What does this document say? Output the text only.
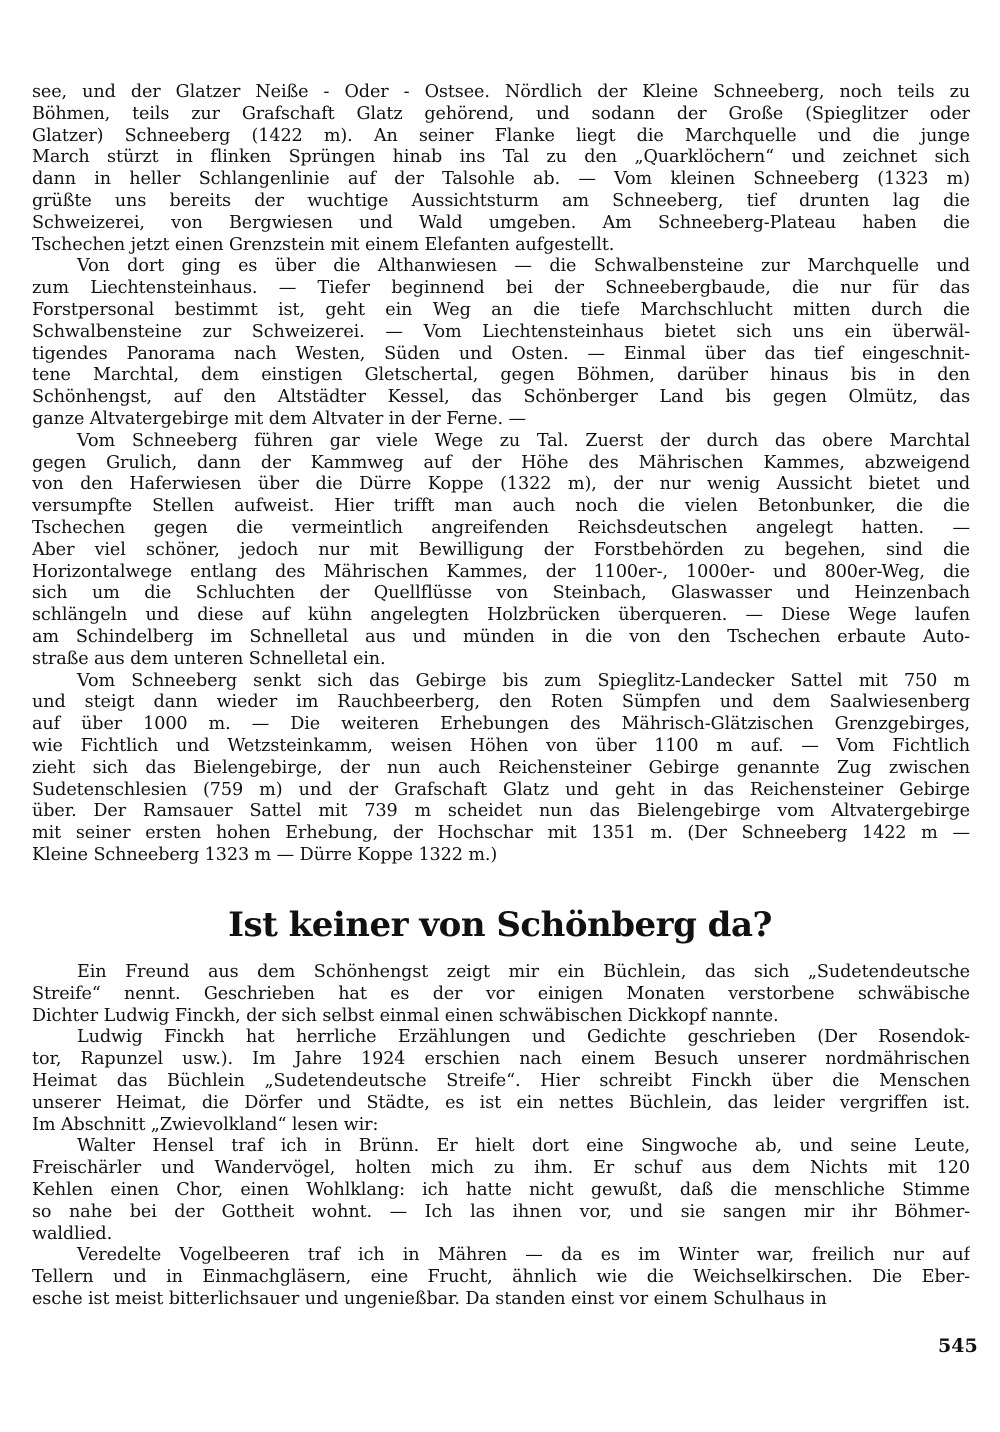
see, und der Glatzer Neiße - Oder - Ostsee. Nördlich der Kleine Schneeberg, noch teils zu
Böhmen, teils zur Grafschaft Glatz gehörend, und sodann der Große (Spieglitzer oder
Glatzer) Schneeberg (1422 m). An seiner Flanke liegt die Marchquelle und die junge
March stürzt in flinken Sprüngen hinab ins Tal zu den „Quarklöchern“ und zeichnet sich
dann in heller Schlangenlinie auf der Talsohle ab. — Vom kleinen Schneeberg (1323 m)
grüßte uns bereits der wuchtige Aussichtsturm am Schneeberg, tief drunten lag die
Schweizerei, von Bergwiesen und Wald umgeben. Am Schneeberg-Plateau haben die
Tschechen jetzt einen Grenzstein mit einem Elefanten aufgestellt.
Von dort ging es über die Althanwiesen — die Schwalbensteine zur Marchquelle und
zum Liechtensteinhaus. — Tiefer beginnend bei der Schneebergbaude, die nur für das
Forstpersonal bestimmt ist, geht ein Weg an die tiefe Marchschlucht mitten durch die
Schwalbensteine zur Schweizerei. — Vom Liechtensteinhaus bietet sich uns ein überwäl-
tigendes Panorama nach Westen, Süden und Osten. — Einmal über das tief eingeschnit-
tene Marchtal, dem einstigen Gletschertal, gegen Böhmen, darüber hinaus bis in den
Schönhengst, auf den Altstädter Kessel, das Schönberger Land bis gegen Olmütz, das
ganze Altvatergebirge mit dem Altvater in der Ferne. —
Vom Schneeberg führen gar viele Wege zu Tal. Zuerst der durch das obere Marchtal
gegen Grulich, dann der Kammweg auf der Höhe des Mährischen Kammes, abzweigend
von den Haferwiesen über die Dürre Koppe (1322 m), der nur wenig Aussicht bietet und
versumpfte Stellen aufweist. Hier trifft man auch noch die vielen Betonbunker, die die
Tschechen gegen die vermeintlich angreifenden Reichsdeutschen angelegt hatten. —
Aber viel schöner, jedoch nur mit Bewilligung der Forstbehörden zu begehen, sind die
Horizontalwege entlang des Mährischen Kammes, der 1100er-, 1000er- und 800er-Weg, die
sich um die Schluchten der Quellflüsse von Steinbach, Glaswasser und Heinzenbach
schlängeln und diese auf kühn angelegten Holzbrücken überqueren. — Diese Wege laufen
am Schindelberg im Schnelletal aus und münden in die von den Tschechen erbaute Auto-
straße aus dem unteren Schnelletal ein.
Vom Schneeberg senkt sich das Gebirge bis zum Spieglitz-Landecker Sattel mit 750 m
und steigt dann wieder im Rauchbeerberg, den Roten Sümpfen und dem Saalwiesenberg
auf über 1000 m. — Die weiteren Erhebungen des Mährisch-Glätzischen Grenzgebirges,
wie Fichtlich und Wetzsteinkamm, weisen Höhen von über 1100 m auf. — Vom Fichtlich
zieht sich das Bielengebirge, der nun auch Reichensteiner Gebirge genannte Zug zwischen
Sudetenschlesien (759 m) und der Grafschaft Glatz und geht in das Reichensteiner Gebirge
über. Der Ramsauer Sattel mit 739 m scheidet nun das Bielengebirge vom Altvatergebirge
mit seiner ersten hohen Erhebung, der Hochschar mit 1351 m. (Der Schneeberg 1422 m —
Kleine Schneeberg 1323 m — Dürre Koppe 1322 m.)
Ist keiner von Schönberg da?
Ein Freund aus dem Schönhengst zeigt mir ein Büchlein, das sich „Sudetendeutsche
Streife“ nennt. Geschrieben hat es der vor einigen Monaten verstorbene schwäbische
Dichter Ludwig Finckh, der sich selbst einmal einen schwäbischen Dickkopf nannte.
Ludwig Finckh hat herrliche Erzählungen und Gedichte geschrieben (Der Rosendok-
tor, Rapunzel usw.). Im Jahre 1924 erschien nach einem Besuch unserer nordmährischen
Heimat das Büchlein „Sudetendeutsche Streife“. Hier schreibt Finckh über die Menschen
unserer Heimat, die Dörfer und Städte, es ist ein nettes Büchlein, das leider vergriffen ist.
Im Abschnitt „Zwievolkland“ lesen wir:
Walter Hensel traf ich in Brünn. Er hielt dort eine Singwoche ab, und seine Leute,
Freischärler und Wandervögel, holten mich zu ihm. Er schuf aus dem Nichts mit 120
Kehlen einen Chor, einen Wohlklang: ich hatte nicht gewußt, daß die menschliche Stimme
so nahe bei der Gottheit wohnt. — Ich las ihnen vor, und sie sangen mir ihr Böhmer-
waldlied.
Veredelte Vogelbeeren traf ich in Mähren — da es im Winter war, freilich nur auf
Tellern und in Einmachgläsern, eine Frucht, ähnlich wie die Weichselkirschen. Die Eber-
esche ist meist bitterlichsauer und ungenießbar. Da standen einst vor einem Schulhaus in
545
